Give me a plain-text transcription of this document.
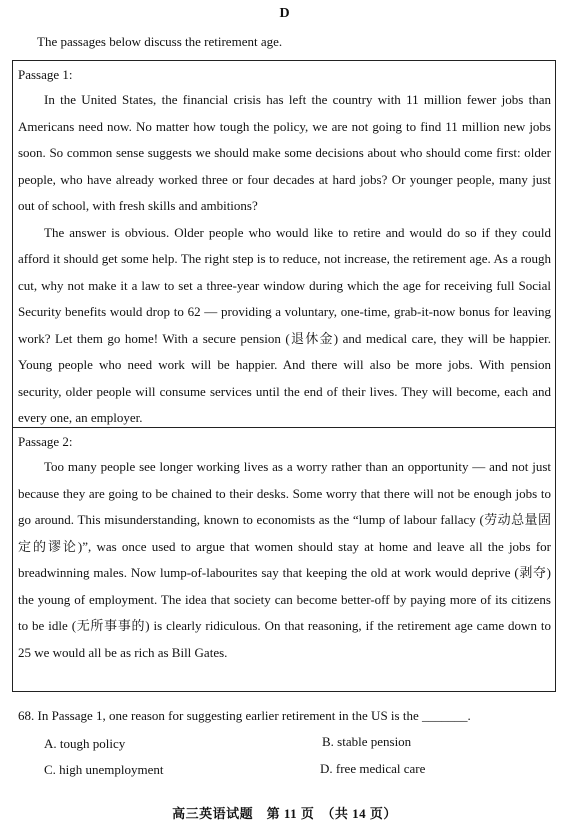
D
The passages below discuss the retirement age.
Passage 1:

In the United States, the financial crisis has left the country with 11 million fewer jobs than Americans need now. No matter how tough the policy, we are not going to find 11 million new jobs soon. So common sense suggests we should make some decisions about who should come first: older people, who have already worked three or four decades at hard jobs? Or younger people, many just out of school, with fresh skills and ambitions?

The answer is obvious. Older people who would like to retire and would do so if they could afford it should get some help. The right step is to reduce, not increase, the retirement age. As a rough cut, why not make it a law to set a three-year window during which the age for receiving full Social Security benefits would drop to 62 — providing a voluntary, one-time, grab-it-now bonus for leaving work? Let them go home! With a secure pension (退休金) and medical care, they will be happier. Young people who need work will be happier. And there will also be more jobs. With pension security, older people will consume services until the end of their lives. They will become, each and every one, an employer.

Passage 2:

Too many people see longer working lives as a worry rather than an opportunity — and not just because they are going to be chained to their desks. Some worry that there will not be enough jobs to go around. This misunderstanding, known to economists as the “lump of labour fallacy (劳动总量固定的谬论)”, was once used to argue that women should stay at home and leave all the jobs for breadwinning males. Now lump-of-labourites say that keeping the old at work would deprive (剥夺) the young of employment. The idea that society can become better-off by paying more of its citizens to be idle (无所事事的) is clearly ridiculous. On that reasoning, if the retirement age came down to 25 we would all be as rich as Bill Gates.

68. In Passage 1, one reason for suggesting earlier retirement in the US is the _______.
A. tough policy	B. stable pension
C. high unemployment	D. free medical care
高三英语试题　第 11 页　（共 14 页）
